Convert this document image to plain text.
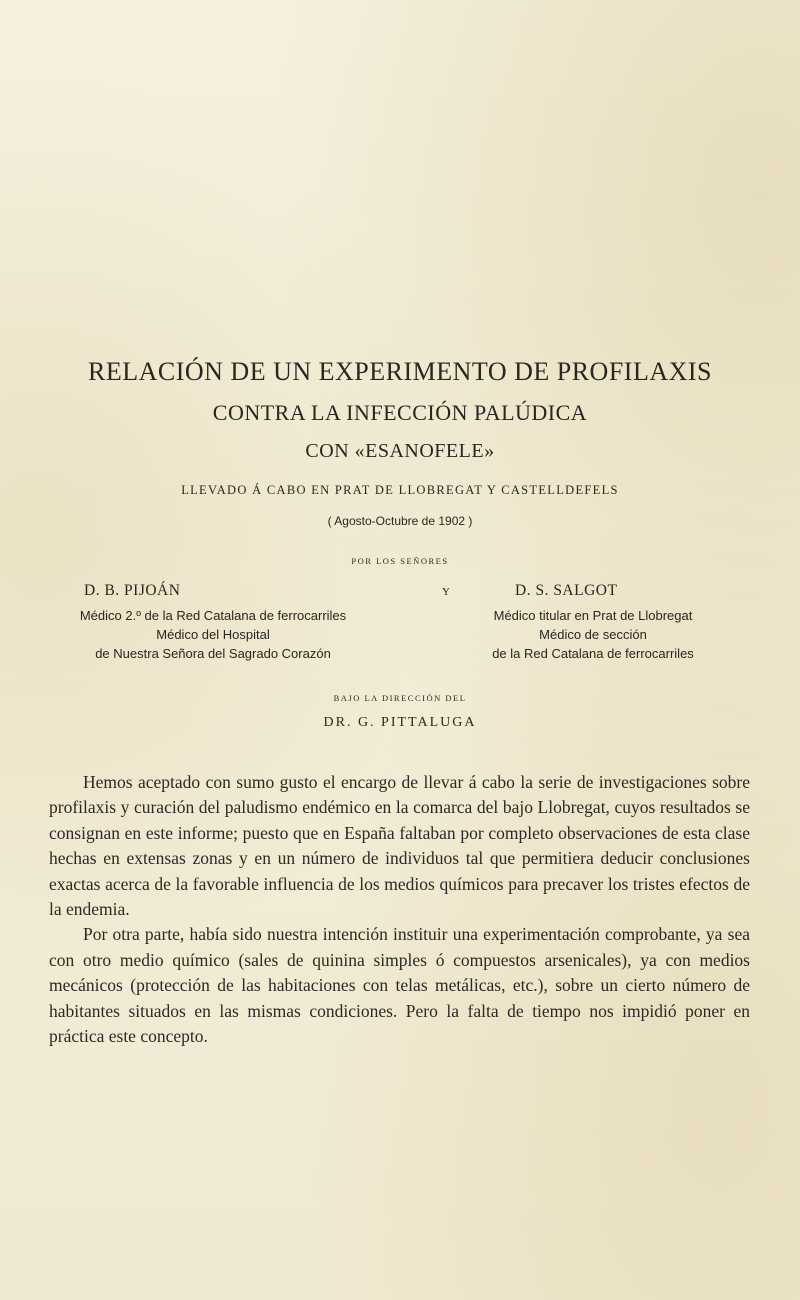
RELACIÓN DE UN EXPERIMENTO DE PROFILAXIS
CONTRA LA INFECCIÓN PALÚDICA
CON «ESANOFELE»
LLEVADO Á CABO EN PRAT DE LLOBREGAT Y CASTELLDEFELS
( Agosto-Octubre de 1902 )
POR LOS SEÑORES
D. B. PIJOÁN	Y	D. S. SALGOT
Médico 2.º de la Red Catalana de ferrocarriles
Médico del Hospital
de Nuestra Señora del Sagrado Corazón
Médico titular en Prat de Llobregat
Médico de sección
de la Red Catalana de ferrocarriles
BAJO LA DIRECCIÓN DEL
DR. G. PITTALUGA

Hemos aceptado con sumo gusto el encargo de llevar á cabo la serie de investigaciones sobre profilaxis y curación del paludismo endémico en la comarca del bajo Llobregat, cuyos resultados se consignan en este informe; puesto que en España faltaban por completo observaciones de esta clase hechas en extensas zonas y en un número de individuos tal que permitiera deducir conclusiones exactas acerca de la favorable influencia de los medios químicos para precaver los tristes efectos de la endemia.

Por otra parte, había sido nuestra intención instituir una experimentación comprobante, ya sea con otro medio químico (sales de quinina simples ó compuestos arsenicales), ya con medios mecánicos (protección de las habitaciones con telas metálicas, etc.), sobre un cierto número de habitantes situados en las mismas condiciones. Pero la falta de tiempo nos impidió poner en práctica este concepto.
